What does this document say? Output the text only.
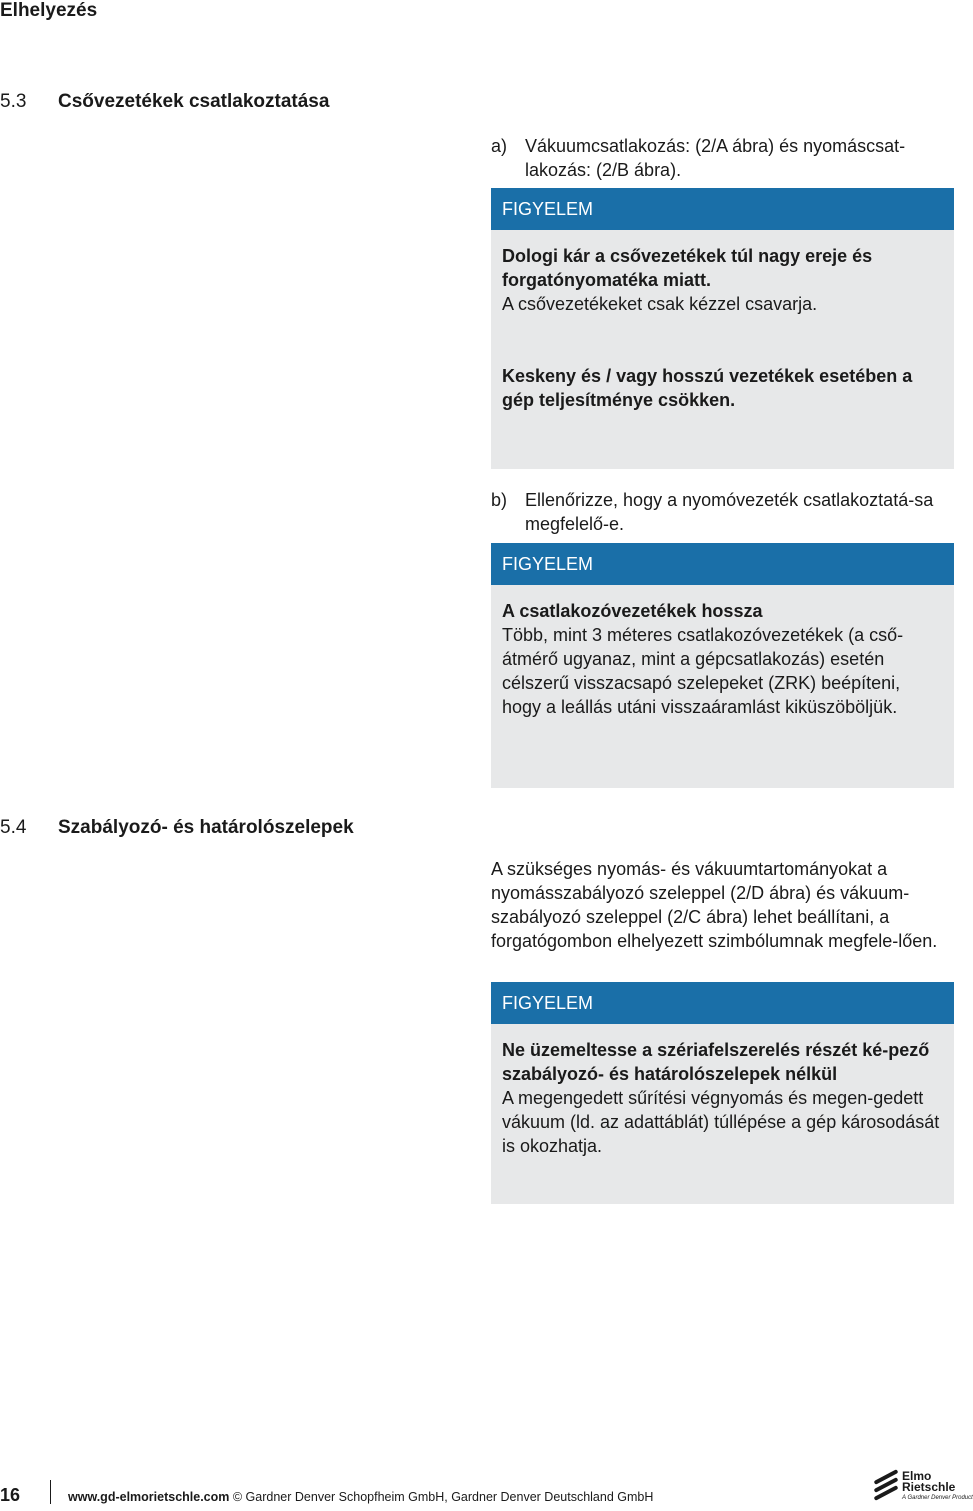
Elhelyezés
5.3 Csővezetékek csatlakoztatása
a) Vákuumcsatlakozás: (2/A ábra) és nyomáscsat-lakozás: (2/B ábra).
FIGYELEM

Dologi kár a csővezetékek túl nagy ereje és forgatónyomatéka miatt.

A csővezetékeket csak kézzel csavarja.

Keskeny és / vagy hosszú vezetékek esetében a gép teljesítménye csökken.

b) Ellenőrizze, hogy a nyomóvezeték csatlakoztatá-sa megfelelő-e.
FIGYELEM

A csatlakozóvezetékek hossza

Több, mint 3 méteres csatlakozóvezetékek (a cső-átmérő ugyanaz, mint a gépcsatlakozás) esetén célszerű visszacsapó szelepeket (ZRK) beépíteni, hogy a leállás utáni visszaáramlást kiküszöböljük.

5.4 Szabályozó- és határolószelepek
A szükséges nyomás- és vákuumtartományokat a nyomásszabályozó szeleppel (2/D ábra) és vákuum-szabályozó szeleppel (2/C ábra) lehet beállítani, a forgatógombon elhelyezett szimbólumnak megfele-lően.
FIGYELEM

Ne üzemeltesse a szériafelszerelés részét ké-pező szabályozó- és határolószelepek nélkül

A megengedett sűrítési végnyomás és megen-gedett vákuum (ld. az adattáblát) túllépése a gép károsodását is okozhatja.

16	www.gd-elmorietschle.com © Gardner Denver Schopfheim GmbH, Gardner Denver Deutschland GmbH
Elmo
Rietschle
A Gardner Denver Product
